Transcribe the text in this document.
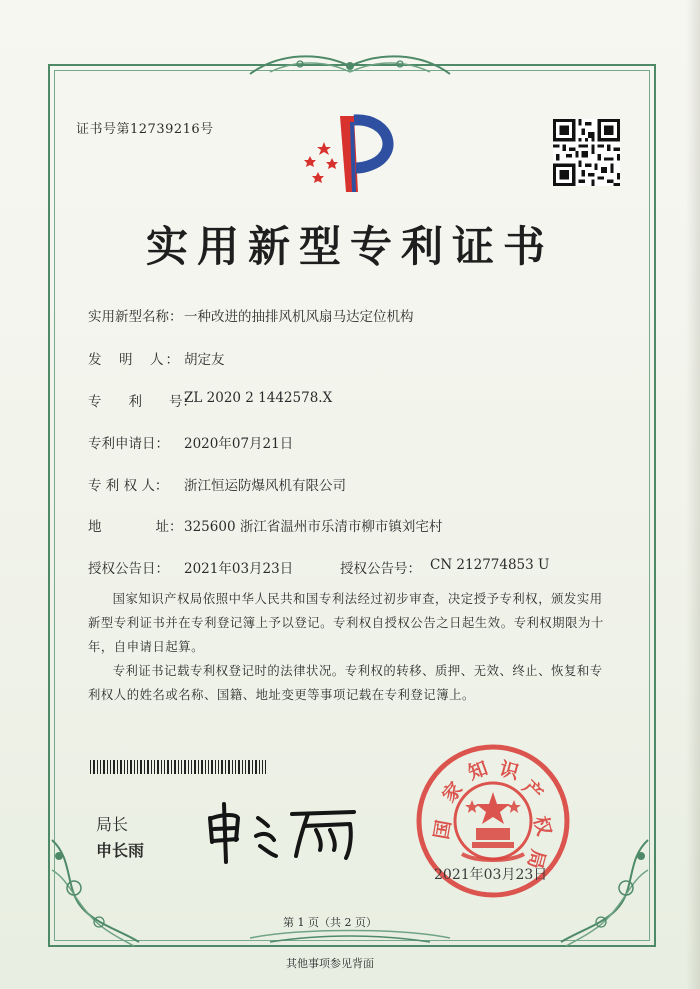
证书号第12739216号
实用新型专利证书
实用新型名称： 一种改进的抽排风机风扇马达定位机构
发　明　人： 胡定友
专　　利　　号：
ZL 2020 2 1442578.X
专利申请日： 2020年07月21日
专 利 权 人： 浙江恒运防爆风机有限公司
地　　　　址： 325600 浙江省温州市乐清市柳市镇刘宅村
授权公告日： 2021年03月23日	授权公告号： CN 212774853 U

国家知识产权局依照中华人民共和国专利法经过初步审查，决定授予专利权，颁发实用新型专利证书并在专利登记簿上予以登记。专利权自授权公告之日起生效。专利权期限为十年，自申请日起算。

专利证书记载专利权登记时的法律状况。专利权的转移、质押、无效、终止、恢复和专利权人的姓名或名称、国籍、地址变更等事项记载在专利登记簿上。

局长
申长雨
国
家
知 识
产
权
局
2021年03月23日
第 1 页（共 2 页）
其他事项参见背面
